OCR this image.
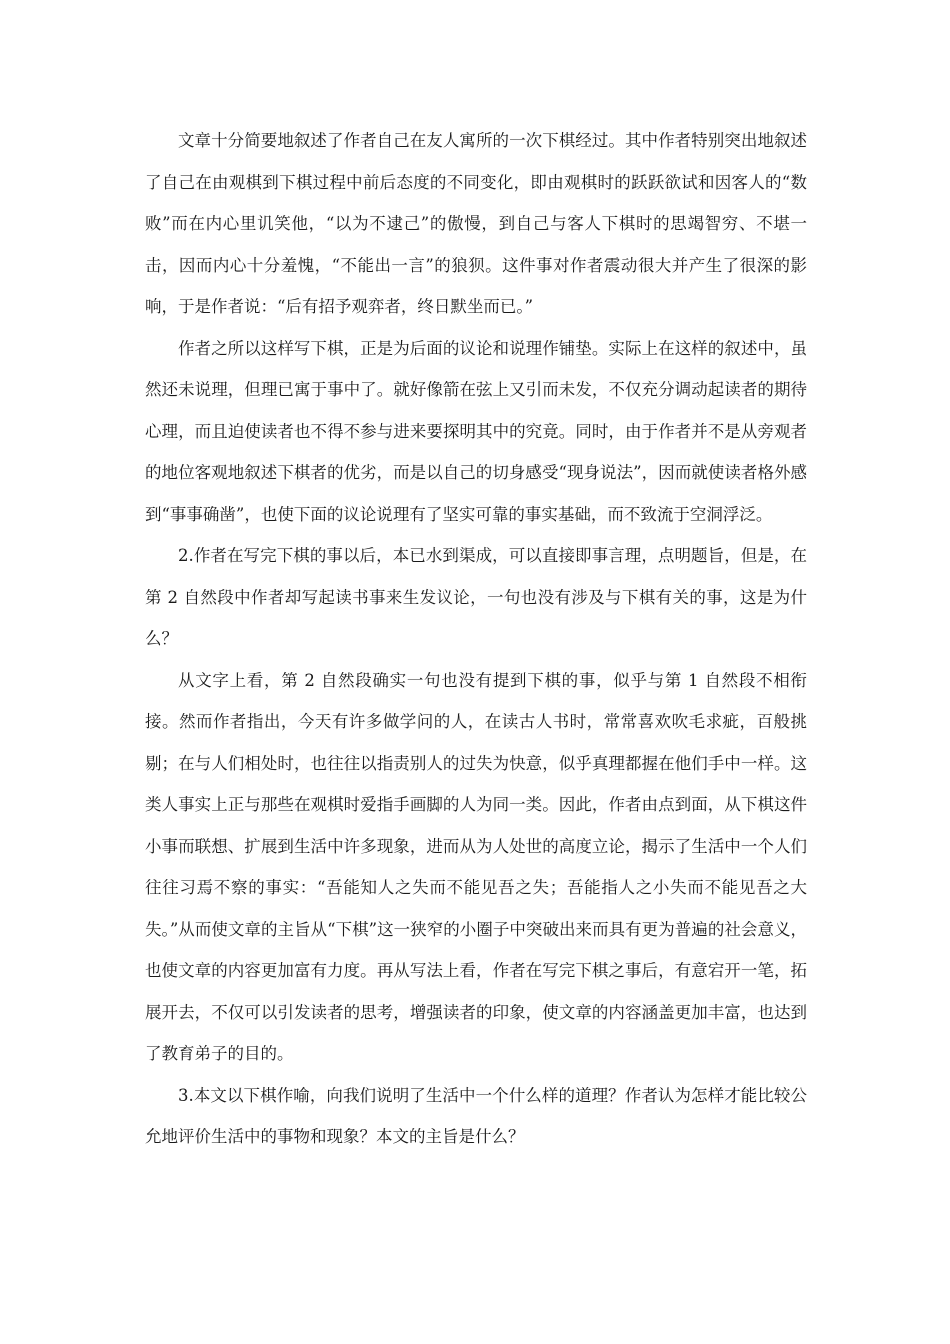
文章十分简要地叙述了作者自己在友人寓所的一次下棋经过。其中作者特别突出地叙述了自己在由观棋到下棋过程中前后态度的不同变化，即由观棋时的跃跃欲试和因客人的“数败”而在内心里讥笑他，“以为不逮己”的傲慢，到自己与客人下棋时的思竭智穷、不堪一击，因而内心十分羞愧，“不能出一言”的狼狈。这件事对作者震动很大并产生了很深的影响，于是作者说：“后有招予观弈者，终日默坐而已。”

作者之所以这样写下棋，正是为后面的议论和说理作铺垫。实际上在这样的叙述中，虽然还未说理，但理已寓于事中了。就好像箭在弦上又引而未发，不仅充分调动起读者的期待心理，而且迫使读者也不得不参与进来要探明其中的究竟。同时，由于作者并不是从旁观者的地位客观地叙述下棋者的优劣，而是以自己的切身感受“现身说法”，因而就使读者格外感到“事事确凿”，也使下面的议论说理有了坚实可靠的事实基础，而不致流于空洞浮泛。

2.作者在写完下棋的事以后，本已水到渠成，可以直接即事言理，点明题旨，但是，在第 2 自然段中作者却写起读书事来生发议论，一句也没有涉及与下棋有关的事，这是为什么？

从文字上看，第 2 自然段确实一句也没有提到下棋的事，似乎与第 1 自然段不相衔接。然而作者指出，今天有许多做学问的人，在读古人书时，常常喜欢吹毛求疵，百般挑剔；在与人们相处时，也往往以指责别人的过失为快意，似乎真理都握在他们手中一样。这类人事实上正与那些在观棋时爱指手画脚的人为同一类。因此，作者由点到面，从下棋这件小事而联想、扩展到生活中许多现象，进而从为人处世的高度立论，揭示了生活中一个人们往往习焉不察的事实：“吾能知人之失而不能见吾之失；吾能指人之小失而不能见吾之大失。”从而使文章的主旨从“下棋”这一狭窄的小圈子中突破出来而具有更为普遍的社会意义，也使文章的内容更加富有力度。再从写法上看，作者在写完下棋之事后，有意宕开一笔，拓展开去，不仅可以引发读者的思考，增强读者的印象，使文章的内容涵盖更加丰富，也达到了教育弟子的目的。

3.本文以下棋作喻，向我们说明了生活中一个什么样的道理？作者认为怎样才能比较公允地评价生活中的事物和现象？本文的主旨是什么？
